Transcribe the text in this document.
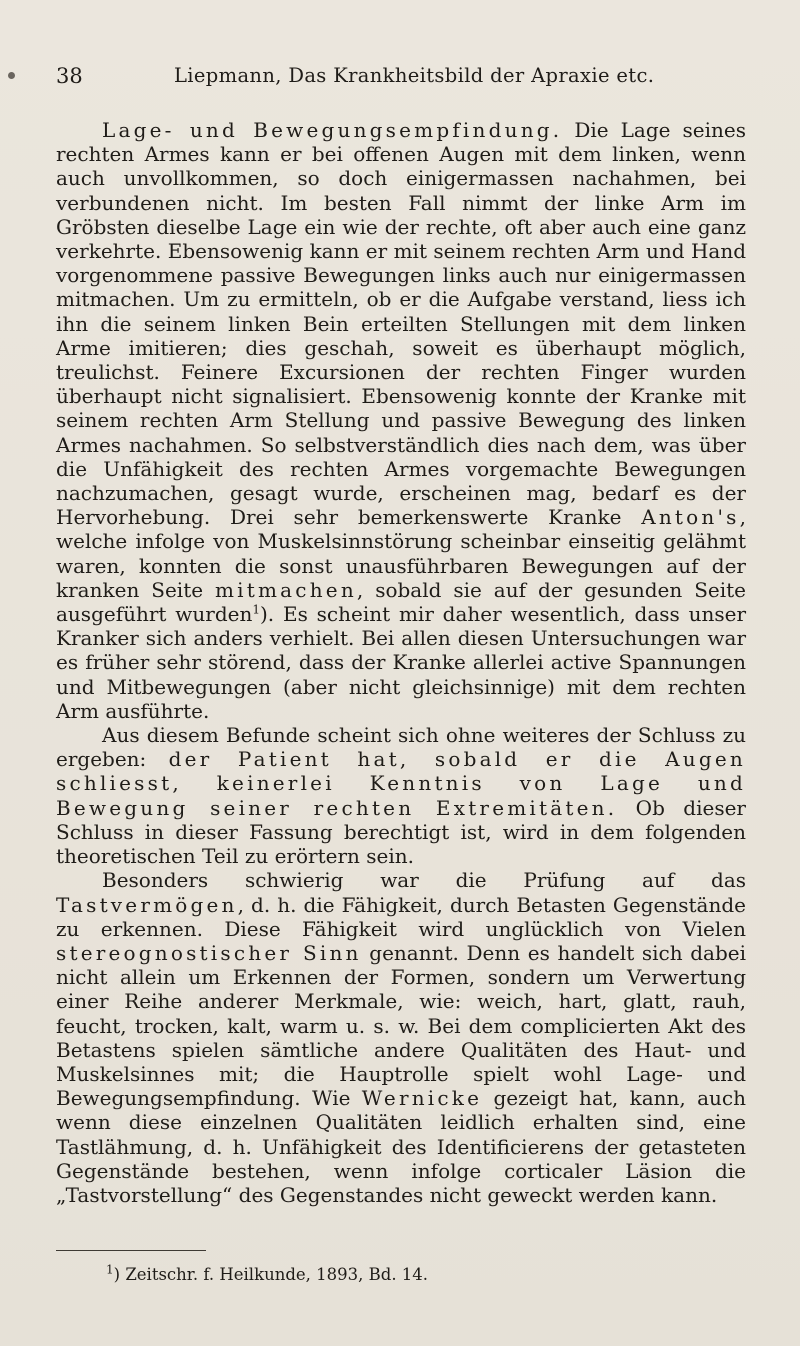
38	Liepmann, Das Krankheitsbild der Apraxie etc.

Lage- und Bewegungsempfindung. Die Lage seines rechten Armes kann er bei offenen Augen mit dem linken, wenn auch unvollkommen, so doch einigermassen nachahmen, bei verbundenen nicht. Im besten Fall nimmt der linke Arm im Gröbsten dieselbe Lage ein wie der rechte, oft aber auch eine ganz verkehrte. Ebensowenig kann er mit seinem rechten Arm und Hand vorgenommene passive Bewegungen links auch nur einigermassen mitmachen. Um zu ermitteln, ob er die Aufgabe verstand, liess ich ihn die seinem linken Bein erteilten Stellungen mit dem linken Arme imitieren; dies geschah, soweit es überhaupt möglich, treulichst. Feinere Excursionen der rechten Finger wurden überhaupt nicht signalisiert. Ebensowenig konnte der Kranke mit seinem rechten Arm Stellung und passive Bewegung des linken Armes nachahmen. So selbstverständlich dies nach dem, was über die Unfähigkeit des rechten Armes vorgemachte Bewegungen nachzumachen, gesagt wurde, erscheinen mag, bedarf es der Hervorhebung. Drei sehr bemerkenswerte Kranke Anton's, welche infolge von Muskelsinnstörung scheinbar einseitig gelähmt waren, konnten die sonst unausführbaren Bewegungen auf der kranken Seite mitmachen, sobald sie auf der gesunden Seite ausgeführt wurden$^1$). Es scheint mir daher wesentlich, dass unser Kranker sich anders verhielt. Bei allen diesen Untersuchungen war es früher sehr störend, dass der Kranke allerlei active Spannungen und Mitbewegungen (aber nicht gleichsinnige) mit dem rechten Arm ausführte.

Aus diesem Befunde scheint sich ohne weiteres der Schluss zu ergeben: der Patient hat, sobald er die Augen schliesst, keinerlei Kenntnis von Lage und Bewegung seiner rechten Extremitäten. Ob dieser Schluss in dieser Fassung berechtigt ist, wird in dem folgenden theoretischen Teil zu erörtern sein.

Besonders schwierig war die Prüfung auf das Tastvermögen, d. h. die Fähigkeit, durch Betasten Gegenstände zu erkennen. Diese Fähigkeit wird unglücklich von Vielen stereognostischer Sinn genannt. Denn es handelt sich dabei nicht allein um Erkennen der Formen, sondern um Verwertung einer Reihe anderer Merkmale, wie: weich, hart, glatt, rauh, feucht, trocken, kalt, warm u. s. w. Bei dem complicierten Akt des Betastens spielen sämtliche andere Qualitäten des Haut- und Muskelsinnes mit; die Hauptrolle spielt wohl Lage- und Bewegungsempfindung. Wie Wernicke gezeigt hat, kann, auch wenn diese einzelnen Qualitäten leidlich erhalten sind, eine Tastlähmung, d. h. Unfähigkeit des Identificierens der getasteten Gegenstände bestehen, wenn infolge corticaler Läsion die „Tastvorstellung“ des Gegenstandes nicht geweckt werden kann.

$^1$) Zeitschr. f. Heilkunde, 1893, Bd. 14.
